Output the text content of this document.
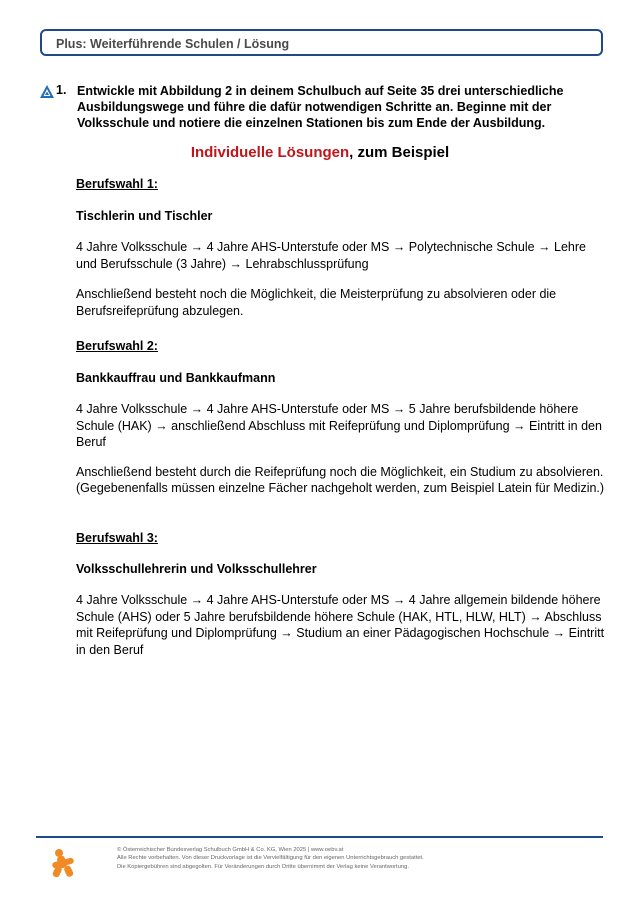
Plus: Weiterführende Schulen / Lösung
1. Entwickle mit Abbildung 2 in deinem Schulbuch auf Seite 35 drei unterschiedliche Ausbildungswege und führe die dafür notwendigen Schritte an. Beginne mit der Volksschule und notiere die einzelnen Stationen bis zum Ende der Ausbildung.
Individuelle Lösungen, zum Beispiel

Berufswahl 1:

Tischlerin und Tischler

4 Jahre Volksschule → 4 Jahre AHS-Unterstufe oder MS → Polytechnische Schule → Lehre und Berufsschule (3 Jahre) → Lehrabschlussprüfung

Anschließend besteht noch die Möglichkeit, die Meisterprüfung zu absolvieren oder die Berufsreifeprüfung abzulegen.

Berufswahl 2:

Bankkauffrau und Bankkaufmann

4 Jahre Volksschule → 4 Jahre AHS-Unterstufe oder MS → 5 Jahre berufsbildende höhere Schule (HAK) → anschließend Abschluss mit Reifeprüfung und Diplomprüfung → Eintritt in den Beruf

Anschließend besteht durch die Reifeprüfung noch die Möglichkeit, ein Studium zu absolvieren. (Gegebenenfalls müssen einzelne Fächer nachgeholt werden, zum Beispiel Latein für Medizin.)

Berufswahl 3:

Volksschullehrerin und Volksschullehrer

4 Jahre Volksschule → 4 Jahre AHS-Unterstufe oder MS → 4 Jahre allgemein bildende höhere Schule (AHS) oder 5 Jahre berufsbildende höhere Schule (HAK, HTL, HLW, HLT) → Abschluss mit Reifeprüfung und Diplomprüfung → Studium an einer Pädagogischen Hochschule → Eintritt in den Beruf

© Österreichischer Bundesverlag Schulbuch GmbH & Co. KG, Wien 2025 | www.oebv.at
Alle Rechte vorbehalten. Von dieser Druckvorlage ist die Vervielfältigung für den eigenen Unterrichtsgebrauch gestattet.
Die Kopiergebühren sind abgegolten. Für Veränderungen durch Dritte übernimmt der Verlag keine Verantwortung.
